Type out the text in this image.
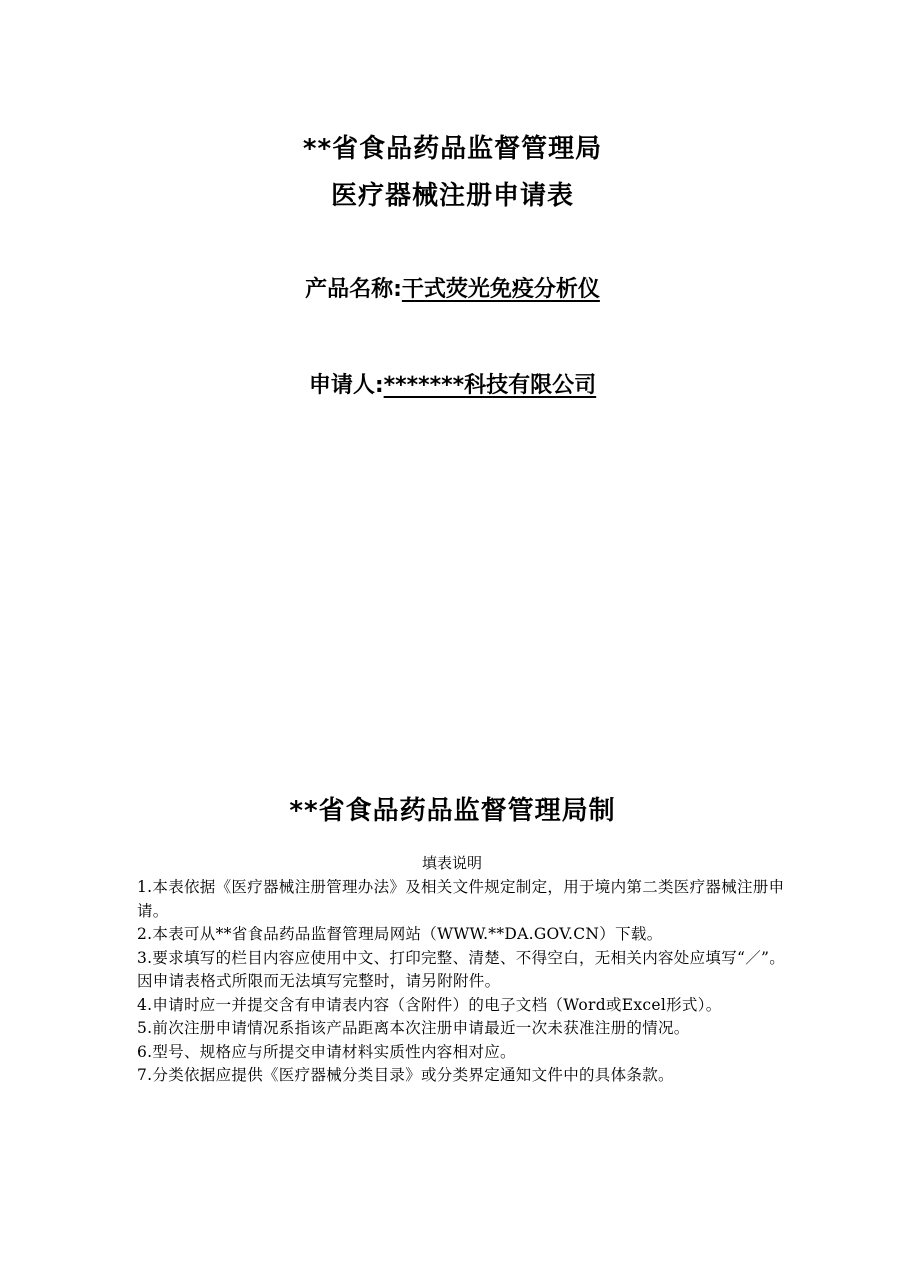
**省食品药品监督管理局
医疗器械注册申请表
产品名称:干式荧光免疫分析仪
申请人:*******科技有限公司
**省食品药品监督管理局制
填表说明
1.本表依据《医疗器械注册管理办法》及相关文件规定制定，用于境内第二类医疗器械注册申请。
2.本表可从**省食品药品监督管理局网站（WWW.**DA.GOV.CN）下载。
3.要求填写的栏目内容应使用中文、打印完整、清楚、不得空白，无相关内容处应填写“／”。因申请表格式所限而无法填写完整时，请另附附件。
4.申请时应一并提交含有申请表内容（含附件）的电子文档（Word或Excel形式）。
5.前次注册申请情况系指该产品距离本次注册申请最近一次未获准注册的情况。
6.型号、规格应与所提交申请材料实质性内容相对应。
7.分类依据应提供《医疗器械分类目录》或分类界定通知文件中的具体条款。
